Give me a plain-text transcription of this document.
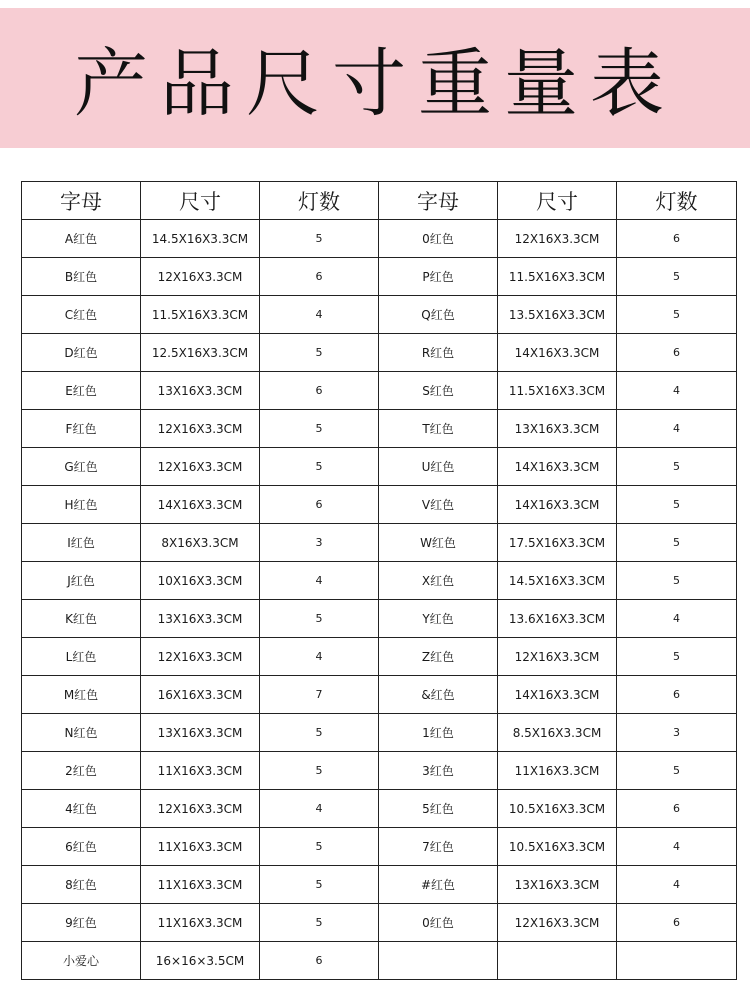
产品尺寸重量表
字母	尺寸	灯数	字母	尺寸	灯数
A红色	14.5X16X3.3CM	5	0红色	12X16X3.3CM	6
B红色	12X16X3.3CM	6	P红色	11.5X16X3.3CM	5
C红色	11.5X16X3.3CM	4	Q红色	13.5X16X3.3CM	5
D红色	12.5X16X3.3CM	5	R红色	14X16X3.3CM	6
E红色	13X16X3.3CM	6	S红色	11.5X16X3.3CM	4
F红色	12X16X3.3CM	5	T红色	13X16X3.3CM	4
G红色	12X16X3.3CM	5	U红色	14X16X3.3CM	5
H红色	14X16X3.3CM	6	V红色	14X16X3.3CM	5
I红色	8X16X3.3CM	3	W红色	17.5X16X3.3CM	5
J红色	10X16X3.3CM	4	X红色	14.5X16X3.3CM	5
K红色	13X16X3.3CM	5	Y红色	13.6X16X3.3CM	4
L红色	12X16X3.3CM	4	Z红色	12X16X3.3CM	5
M红色	16X16X3.3CM	7	&红色	14X16X3.3CM	6
N红色	13X16X3.3CM	5	1红色	8.5X16X3.3CM	3
2红色	11X16X3.3CM	5	3红色	11X16X3.3CM	5
4红色	12X16X3.3CM	4	5红色	10.5X16X3.3CM	6
6红色	11X16X3.3CM	5	7红色	10.5X16X3.3CM	4
8红色	11X16X3.3CM	5	#红色	13X16X3.3CM	4
9红色	11X16X3.3CM	5	0红色	12X16X3.3CM	6
小爱心	16×16×3.5CM	6			
